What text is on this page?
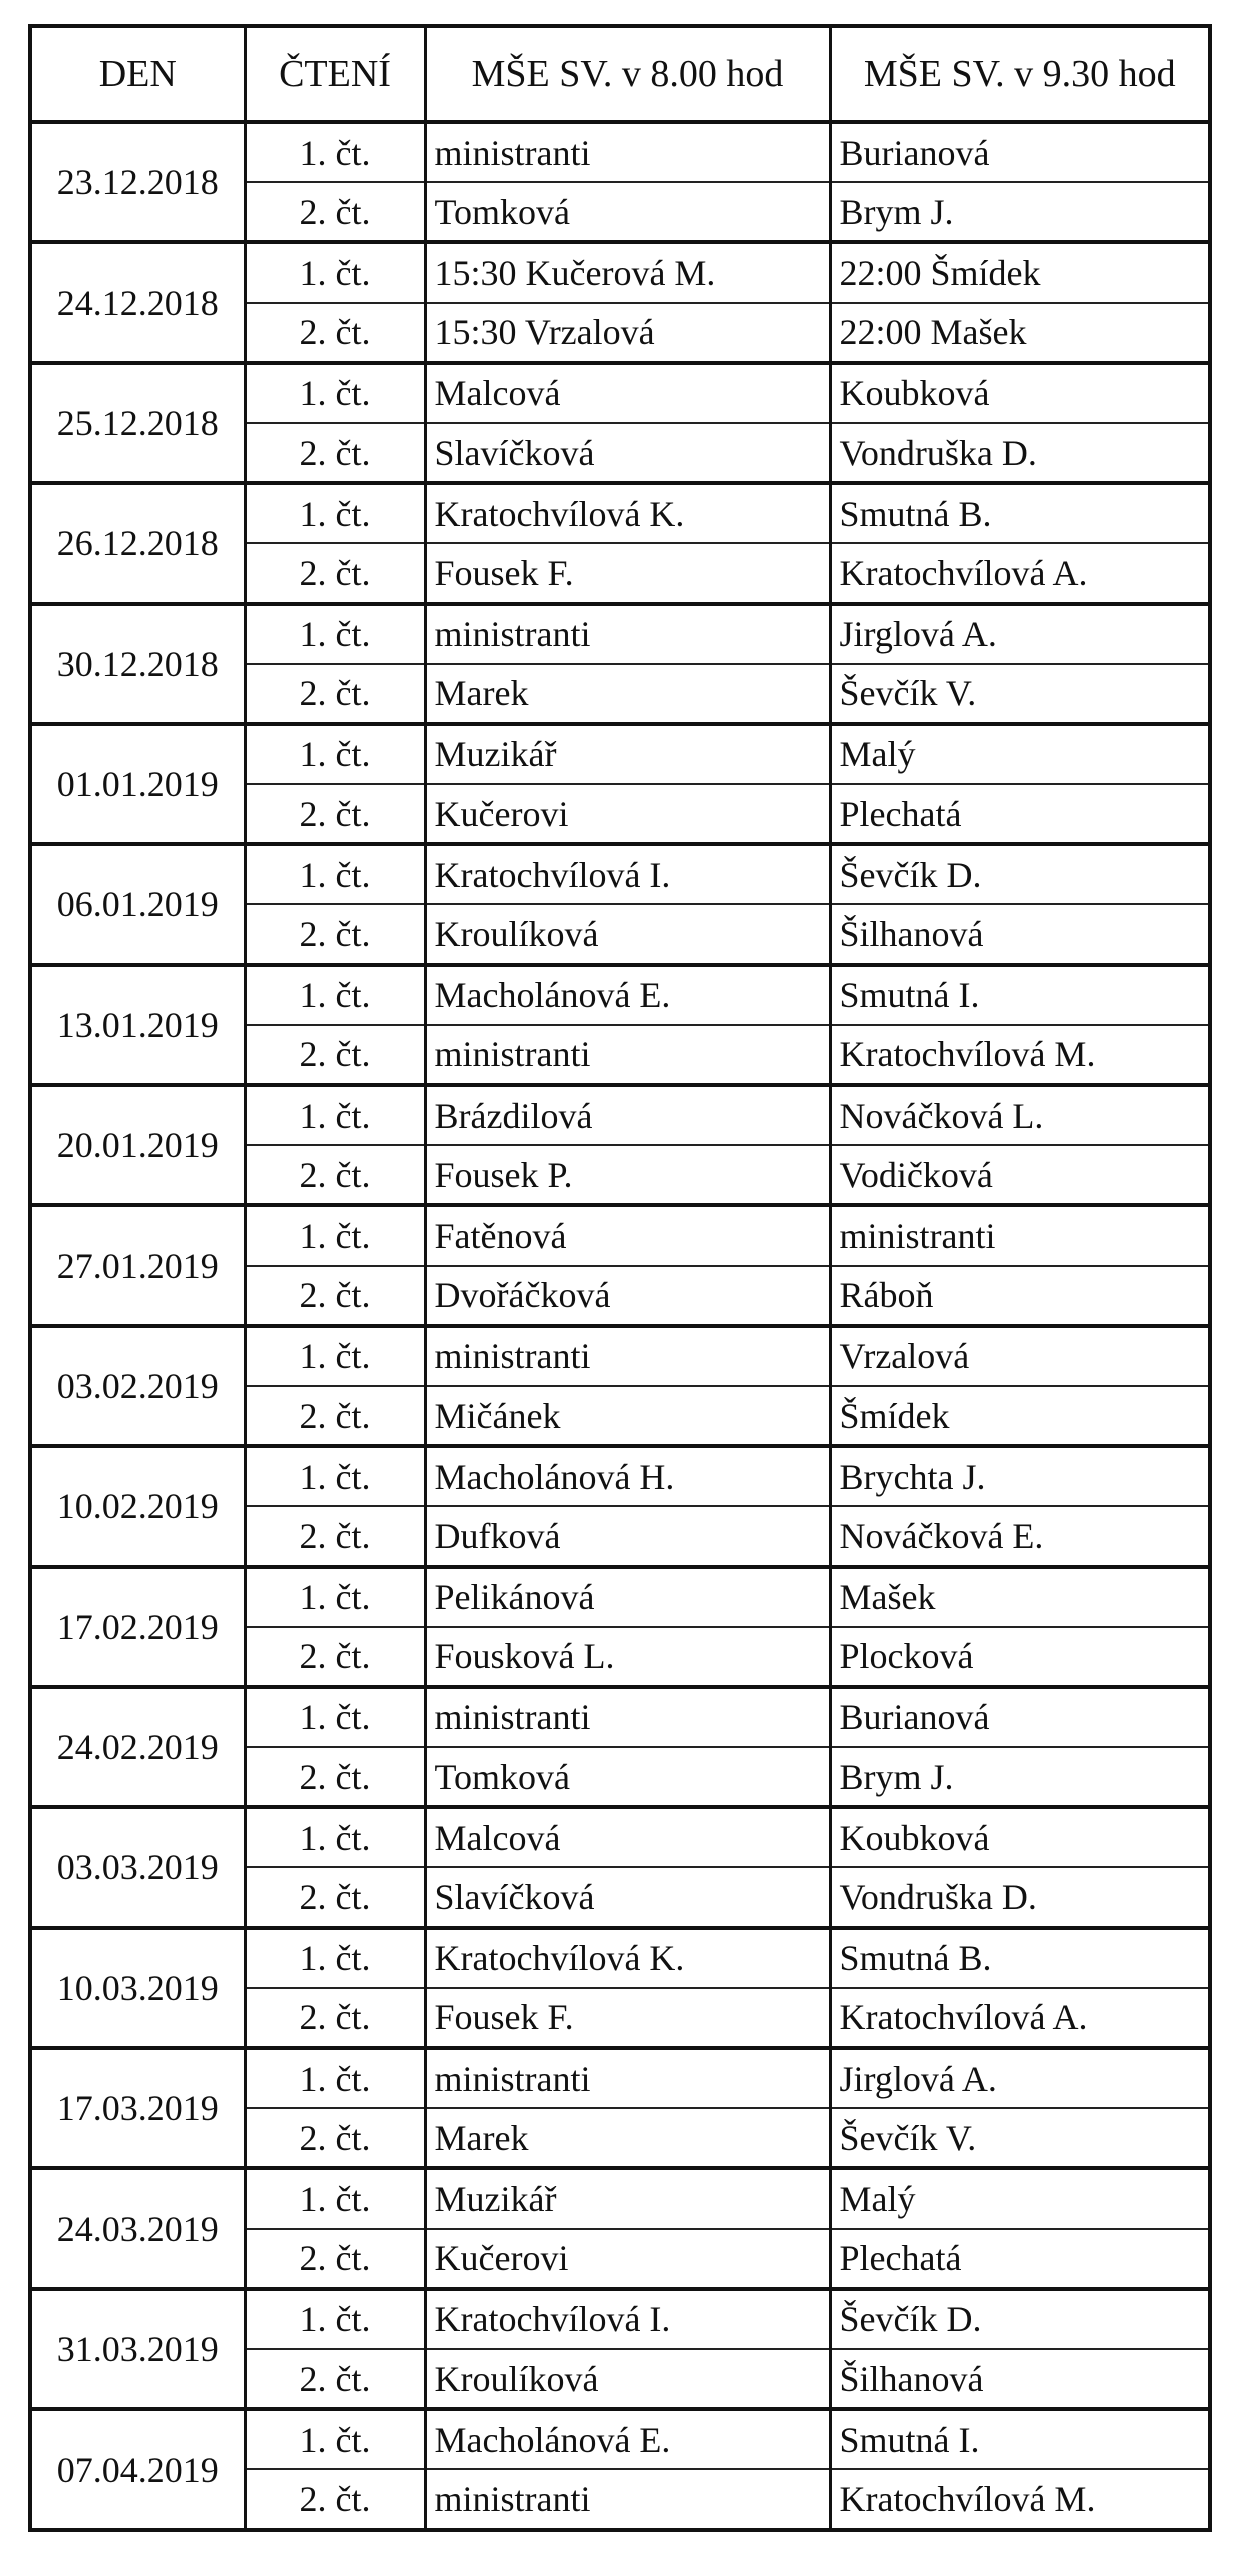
DEN	ČTENÍ	MŠE SV. v 8.00 hod	MŠE SV. v 9.30 hod
23.12.2018	1. čt.	ministranti	Burianová
	2. čt.	Tomková	Brym J.
24.12.2018	1. čt.	15:30 Kučerová M.	22:00 Šmídek
	2. čt.	15:30 Vrzalová	22:00 Mašek
25.12.2018	1. čt.	Malcová	Koubková
	2. čt.	Slavíčková	Vondruška D.
26.12.2018	1. čt.	Kratochvílová K.	Smutná B.
	2. čt.	Fousek F.	Kratochvílová A.
30.12.2018	1. čt.	ministranti	Jirglová A.
	2. čt.	Marek	Ševčík V.
01.01.2019	1. čt.	Muzikář	Malý
	2. čt.	Kučerovi	Plechatá
06.01.2019	1. čt.	Kratochvílová I.	Ševčík D.
	2. čt.	Kroulíková	Šilhanová
13.01.2019	1. čt.	Macholánová E.	Smutná I.
	2. čt.	ministranti	Kratochvílová M.
20.01.2019	1. čt.	Brázdilová	Nováčková L.
	2. čt.	Fousek P.	Vodičková
27.01.2019	1. čt.	Fatěnová	ministranti
	2. čt.	Dvořáčková	Ráboň
03.02.2019	1. čt.	ministranti	Vrzalová
	2. čt.	Mičánek	Šmídek
10.02.2019	1. čt.	Macholánová H.	Brychta J.
	2. čt.	Dufková	Nováčková E.
17.02.2019	1. čt.	Pelikánová	Mašek
	2. čt.	Fousková L.	Plocková
24.02.2019	1. čt.	ministranti	Burianová
	2. čt.	Tomková	Brym J.
03.03.2019	1. čt.	Malcová	Koubková
	2. čt.	Slavíčková	Vondruška D.
10.03.2019	1. čt.	Kratochvílová K.	Smutná B.
	2. čt.	Fousek F.	Kratochvílová A.
17.03.2019	1. čt.	ministranti	Jirglová A.
	2. čt.	Marek	Ševčík V.
24.03.2019	1. čt.	Muzikář	Malý
	2. čt.	Kučerovi	Plechatá
31.03.2019	1. čt.	Kratochvílová I.	Ševčík D.
	2. čt.	Kroulíková	Šilhanová
07.04.2019	1. čt.	Macholánová E.	Smutná I.
	2. čt.	ministranti	Kratochvílová M.
